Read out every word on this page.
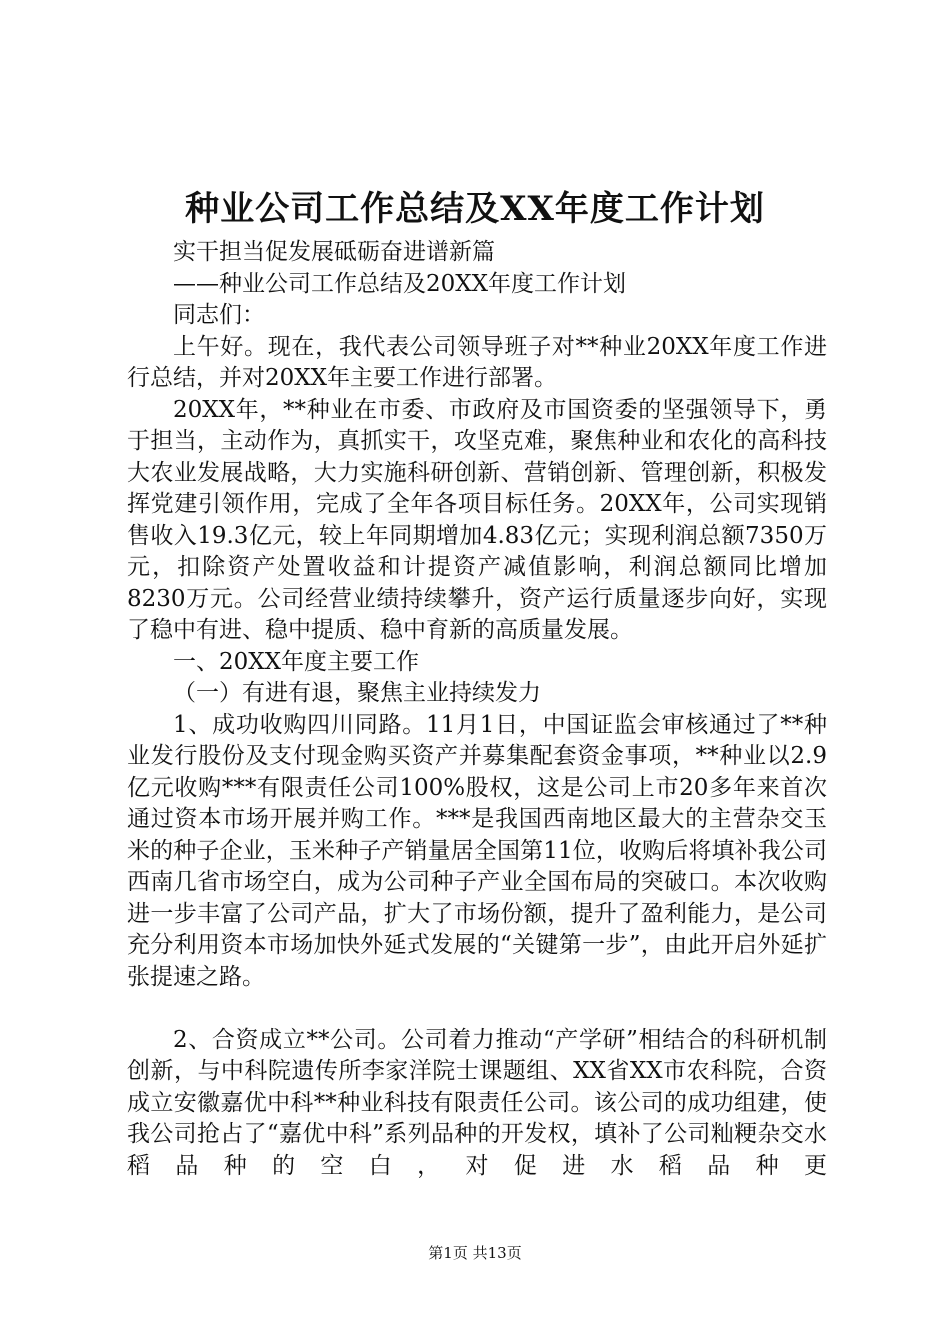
种业公司工作总结及XX年度工作计划

实干担当促发展砥砺奋进谱新篇

——种业公司工作总结及20XX年度工作计划

同志们：

上午好。现在，我代表公司领导班子对**种业20XX年度工作进行总结，并对20XX年主要工作进行部署。

20XX年，**种业在市委、市政府及市国资委的坚强领导下，勇于担当，主动作为，真抓实干，攻坚克难，聚焦种业和农化的高科技大农业发展战略，大力实施科研创新、营销创新、管理创新，积极发挥党建引领作用，完成了全年各项目标任务。20XX年，公司实现销售收入19.3亿元，较上年同期增加4.83亿元；实现利润总额7350万元，扣除资产处置收益和计提资产减值影响，利润总额同比增加8230万元。公司经营业绩持续攀升，资产运行质量逐步向好，实现了稳中有进、稳中提质、稳中育新的高质量发展。

一、20XX年度主要工作

（一）有进有退，聚焦主业持续发力

1、成功收购四川同路。11月1日，中国证监会审核通过了**种业发行股份及支付现金购买资产并募集配套资金事项，**种业以2.9亿元收购***有限责任公司100%股权，这是公司上市20多年来首次通过资本市场开展并购工作。***是我国西南地区最大的主营杂交玉米的种子企业，玉米种子产销量居全国第11位，收购后将填补我公司西南几省市场空白，成为公司种子产业全国布局的突破口。本次收购进一步丰富了公司产品，扩大了市场份额，提升了盈利能力，是公司充分利用资本市场加快外延式发展的“关键第一步”，由此开启外延扩张提速之路。

2、合资成立**公司。公司着力推动“产学研”相结合的科研机制创新，与中科院遗传所李家洋院士课题组、XX省XX市农科院，合资成立安徽嘉优中科**种业科技有限责任公司。该公司的成功组建，使我公司抢占了“嘉优中科”系列品种的开发权，填补了公司籼粳杂交水稻品种的空白，对促进水稻品种更

第1页 共13页
